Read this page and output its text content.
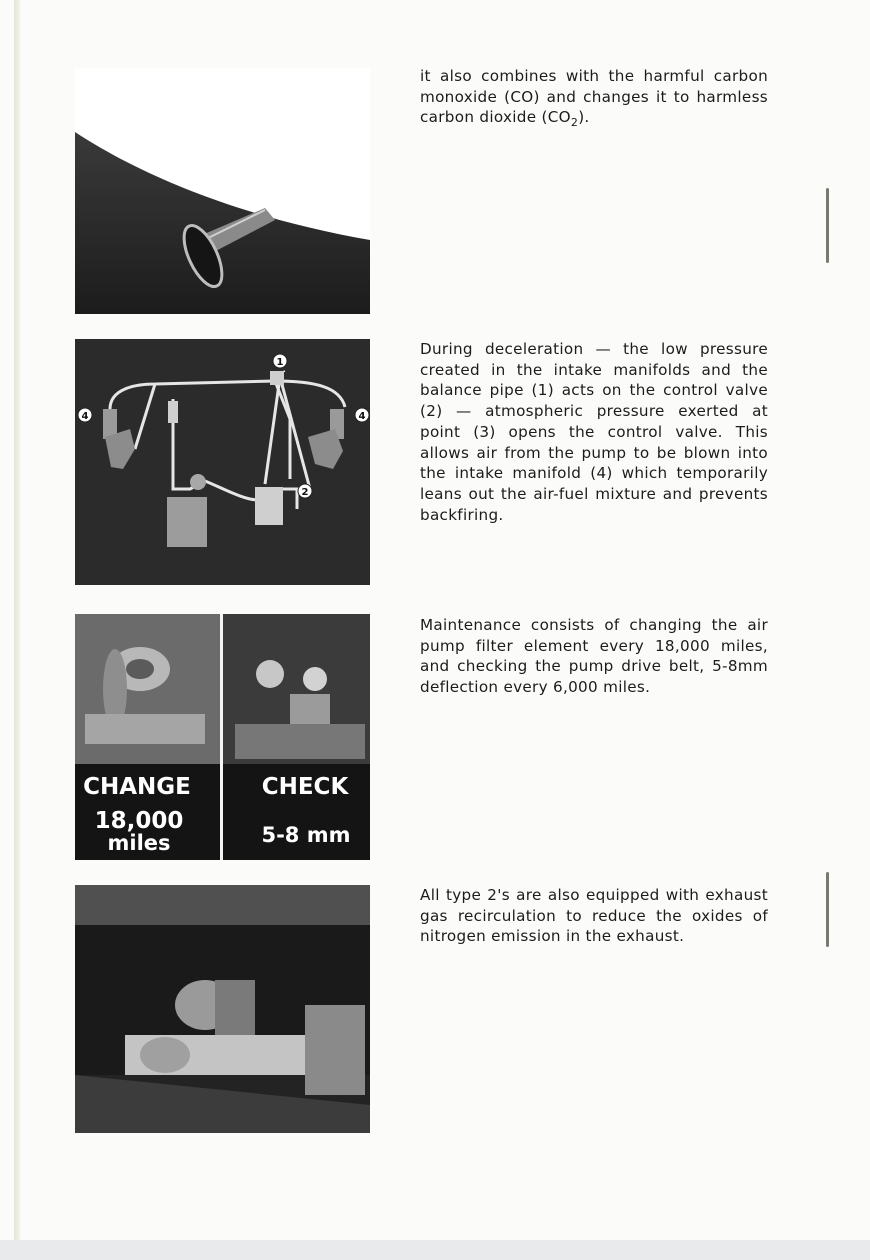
it also combines with the harmful carbon monoxide (CO) and changes it to harmless carbon dioxide $(CO_2)$.

1
2
4	4

During deceleration — the low pressure created in the intake manifolds and the balance pipe (1) acts on the control valve (2) — atmospheric pressure exerted at point (3) opens the control valve. This allows air from the pump to be blown into the intake manifold (4) which temporarily leans out the air-fuel mixture and prevents backfiring.

CHANGE
18,000
miles
CHECK
5-8 mm

Maintenance consists of changing the air pump filter element every 18,000 miles, and checking the pump drive belt, 5-8mm deflection every 6,000 miles.

All type 2's are also equipped with exhaust gas recirculation to reduce the oxides of nitrogen emission in the exhaust.
